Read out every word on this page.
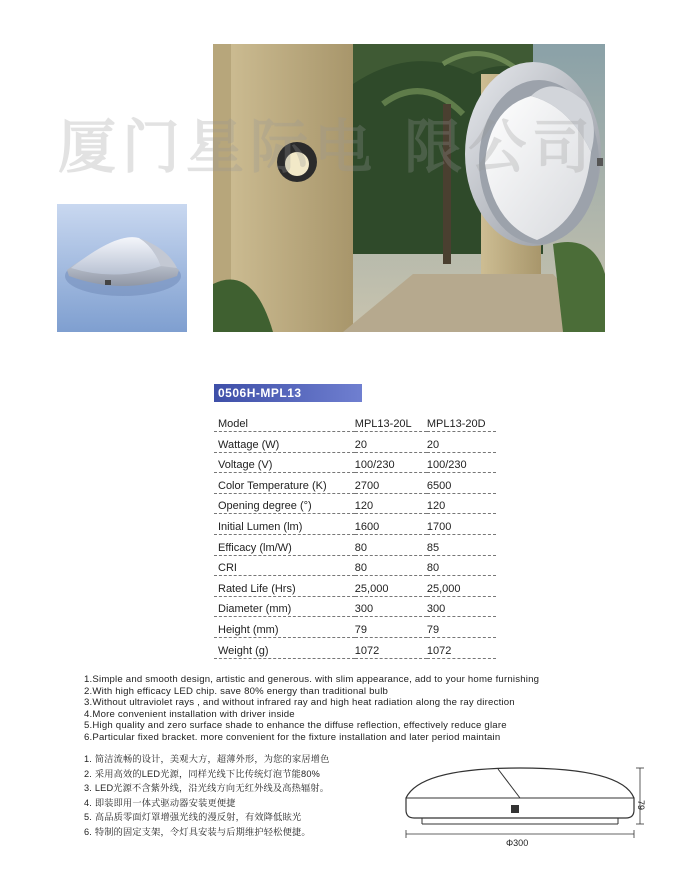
厦门星际电 限公司
0506H-MPL13
Model	MPL13-20L	MPL13-20D
Wattage (W)	20	20
Voltage (V)	100/230	100/230
Color Temperature (K)	2700	6500
Opening degree (°)	120	120
Initial Lumen (lm)	1600	1700
Efficacy (lm/W)	80	85
CRI	80	80
Rated Life (Hrs)	25,000	25,000
Diameter (mm)	300	300
Height (mm)	79	79
Weight (g)	1072	1072
1.Simple and smooth design, artistic and generous. with slim appearance, add to your home furnishing
2.With high efficacy LED chip. save 80% energy than traditional bulb
3.Without ultraviolet rays , and without infrared ray and high heat radiation along the ray direction
4.More convenient installation with driver inside
5.High quality and zero surface shade to enhance the diffuse reflection, effectively reduce glare
6.Particular fixed bracket. more convenient for the fixture installation and later period maintain
1. 简洁流畅的设计，美观大方，超薄外形，为您的家居增色
2. 采用高效的LED光源，同样光线下比传统灯泡节能80%
3. LED光源不含紫外线，沿光线方向无红外线及高热辐射。
4. 即装即用一体式驱动器安装更便捷
5. 高品质零面灯罩增强光线的漫反射，有效降低眩光
6. 特制的固定支架，令灯具安装与后期维护轻松便捷。
79
Φ300
